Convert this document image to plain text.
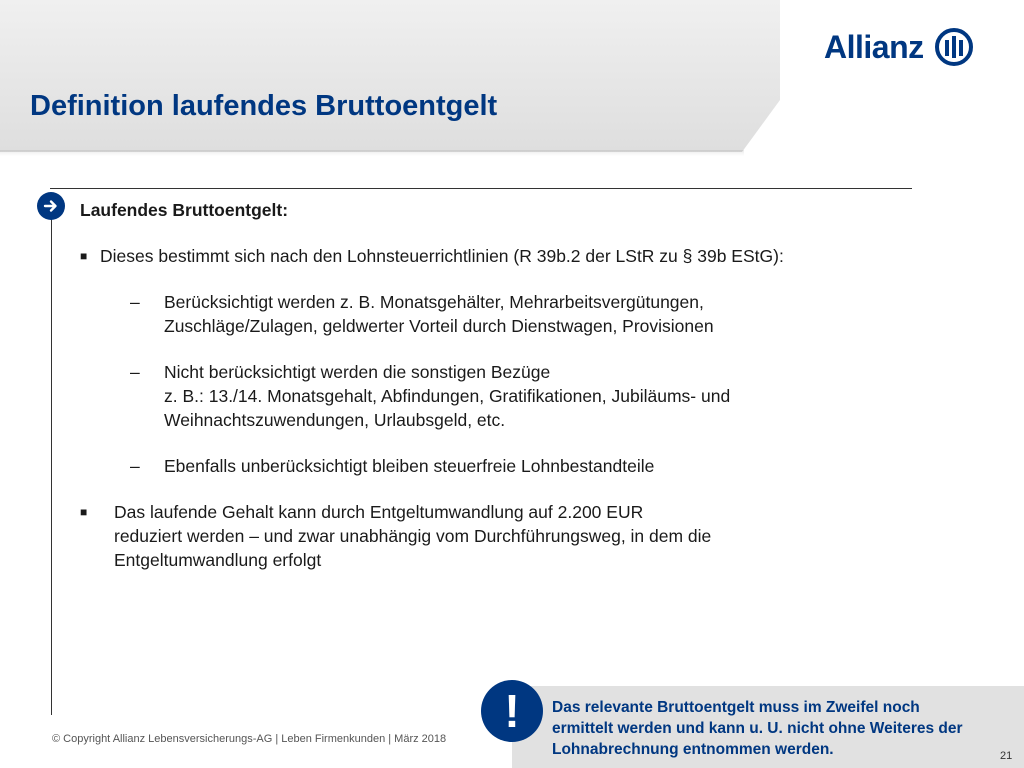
Allianz
Definition laufendes Bruttoentgelt
Laufendes Bruttoentgelt:
■ Dieses bestimmt sich nach den Lohnsteuerrichtlinien (R 39b.2 der LStR zu § 39b EStG):
–	Berücksichtigt werden z. B. Monatsgehälter, Mehrarbeitsvergütungen,
Zuschläge/Zulagen, geldwerter Vorteil durch Dienstwagen, Provisionen
–	Nicht berücksichtigt werden die sonstigen Bezüge
z. B.: 13./14. Monatsgehalt, Abfindungen, Gratifikationen, Jubiläums- und
Weihnachtszuwendungen, Urlaubsgeld, etc.
–	Ebenfalls unberücksichtigt bleiben steuerfreie Lohnbestandteile
■	Das laufende Gehalt kann durch Entgeltumwandlung auf 2.200 EUR
reduziert werden – und zwar unabhängig vom Durchführungsweg, in dem die
Entgeltumwandlung erfolgt
© Copyright Allianz Lebensversicherungs-AG | Leben Firmenkunden | März 2018
Das relevante Bruttoentgelt muss im Zweifel noch
ermittelt werden und kann u. U. nicht ohne Weiteres der
Lohnabrechnung entnommen werden.
!
21
